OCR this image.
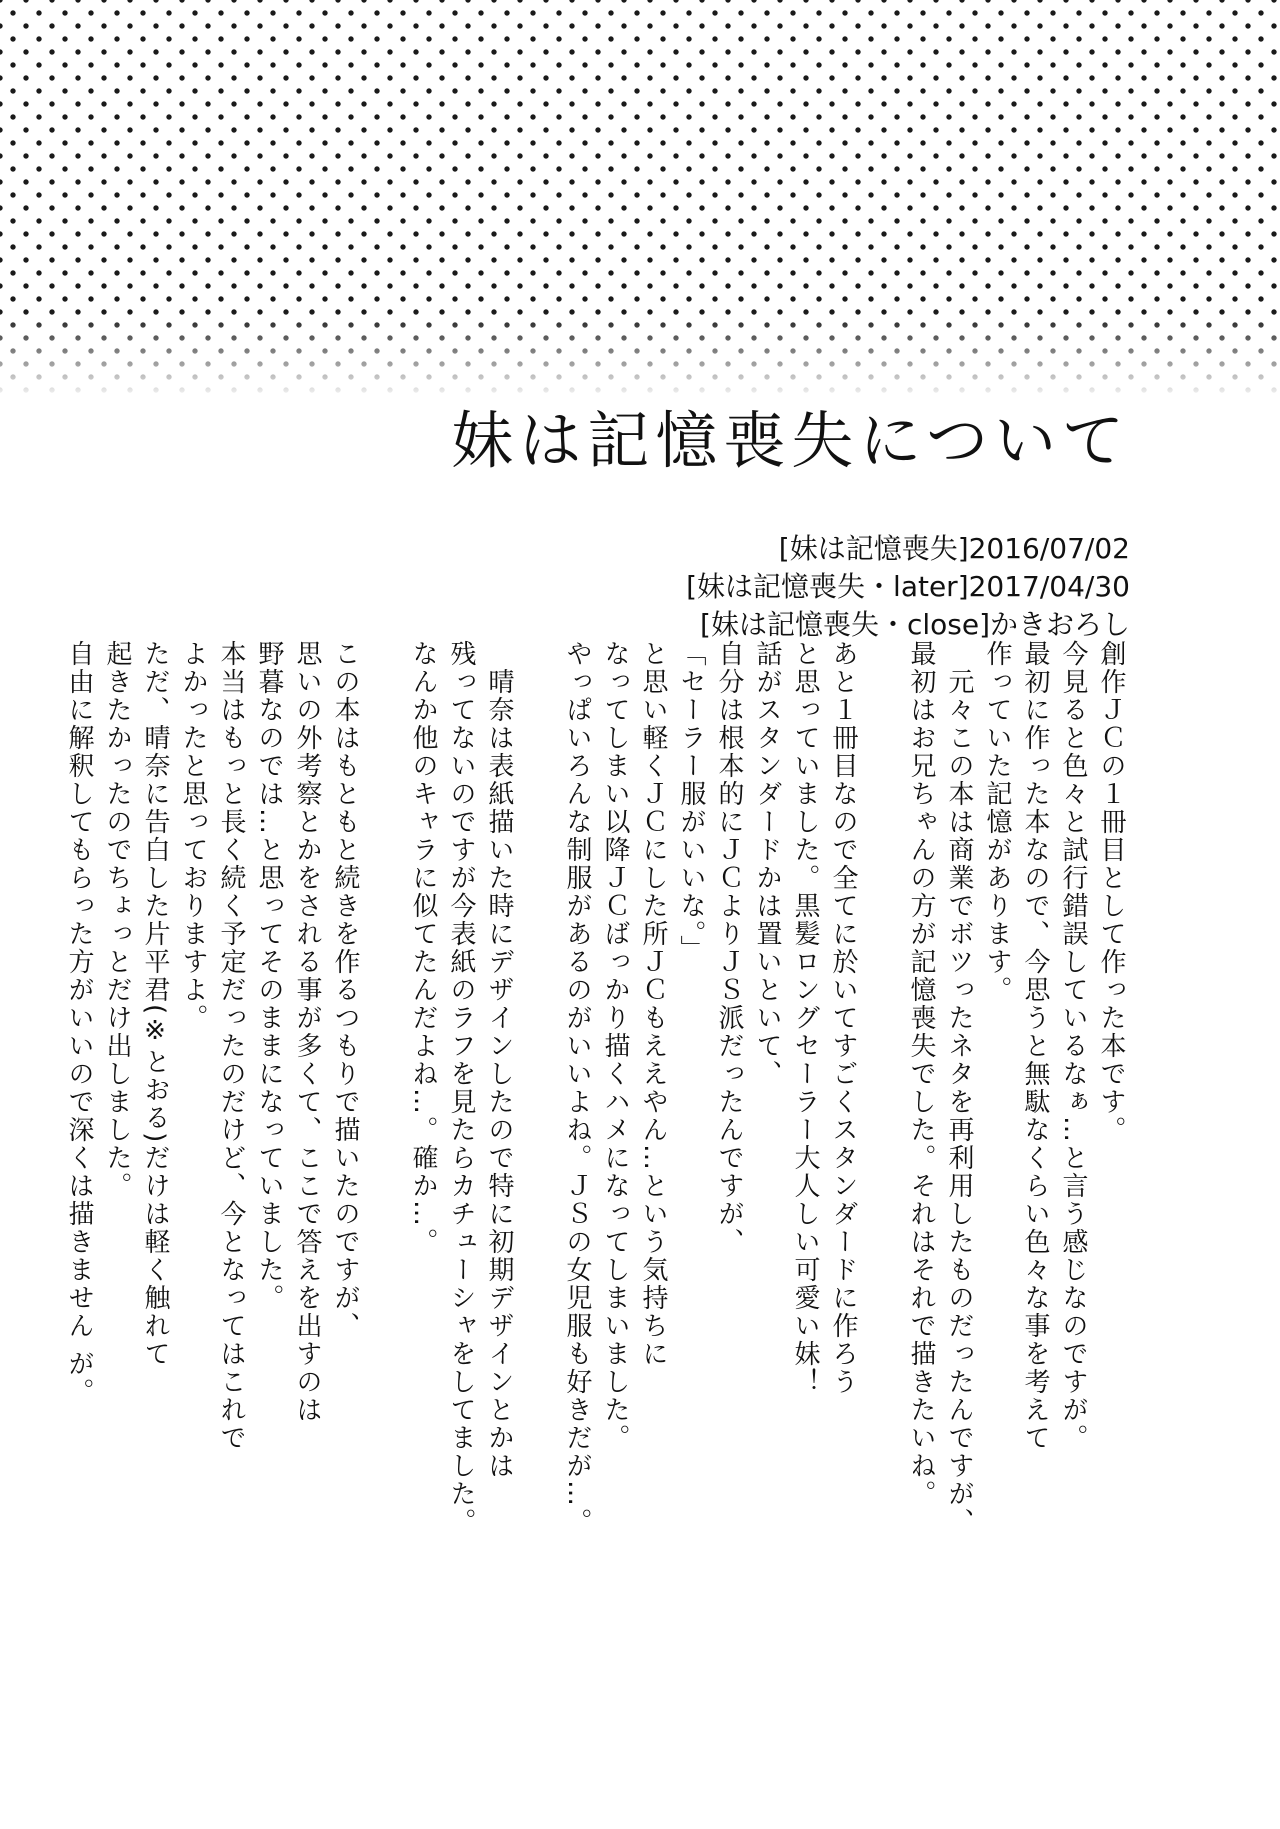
妹は記憶喪失について
[妹は記憶喪失]2016/07/02
[妹は記憶喪失・later]2017/04/30
[妹は記憶喪失・close]かきおろし
創作ＪＣの１冊目として作った本です。
今見ると色々と試行錯誤しているなぁ…と言う感じなのですが。
最初に作った本なので、今思うと無駄なくらい色々な事を考えて
作っていた記憶があります。
　元々この本は商業でボツったネタを再利用したものだったんですが、
最初はお兄ちゃんの方が記憶喪失でした。それはそれで描きたいね。
あと１冊目なので全てに於いてすごくスタンダードに作ろう
と思っていました。黒髪ロングセーラー大人しい可愛い妹！
話がスタンダードかは置いといて、
自分は根本的にＪＣよりＪＳ派だったんですが、
「セーラー服がいいな。」
と思い軽くＪＣにした所ＪＣもええやん…という気持ちに
なってしまい以降ＪＣばっかり描くハメになってしまいました。
やっぱいろんな制服があるのがいいよね。ＪＳの女児服も好きだが…。
　晴奈は表紙描いた時にデザインしたので特に初期デザインとかは
残ってないのですが今表紙のラフを見たらカチューシャをしてました。
なんか他のキャラに似てたんだよね…。確か…。
この本はもともと続きを作るつもりで描いたのですが、
思いの外考察とかをされる事が多くて、ここで答えを出すのは
野暮なのでは…と思ってそのままになっていました。
本当はもっと長く続く予定だったのだけど、今となってはこれで
よかったと思っておりますよ。
ただ、晴奈に告白した片平君(※とおる)だけは軽く触れて
起きたかったのでちょっとだけ出しました。
自由に解釈してもらった方がいいので深くは描きません が。
